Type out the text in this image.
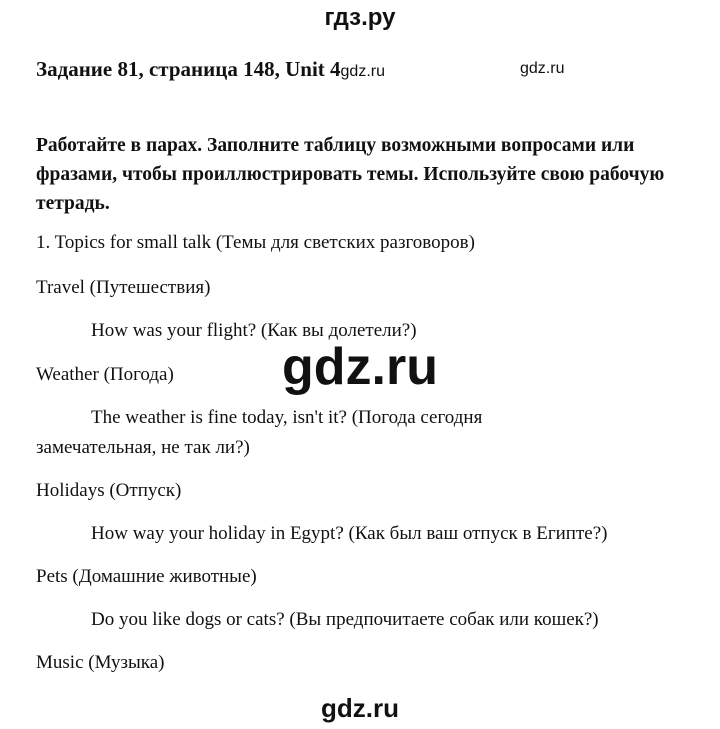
гдз.ру
Задание 81, страница 148, Unit 4gdz.ru	gdz.ru
Работайте в парах. Заполните таблицу возможными вопросами или фразами, чтобы проиллюстрировать темы. Используйте свою рабочую тетрадь.
1. Topics for small talk (Темы для светских разговоров)
Travel (Путешествия)
How was your flight? (Как вы долетели?)
gdz.ru
Weather (Погода)
The weather is fine today, isn't it? (Погода сегодня
замечательная, не так ли?)
Holidays (Отпуск)
How way your holiday in Egypt? (Как был ваш отпуск в Египте?)
Pets (Домашние животные)
Do you like dogs or cats? (Вы предпочитаете собак или кошек?)
Music (Музыка)
gdz.ru
